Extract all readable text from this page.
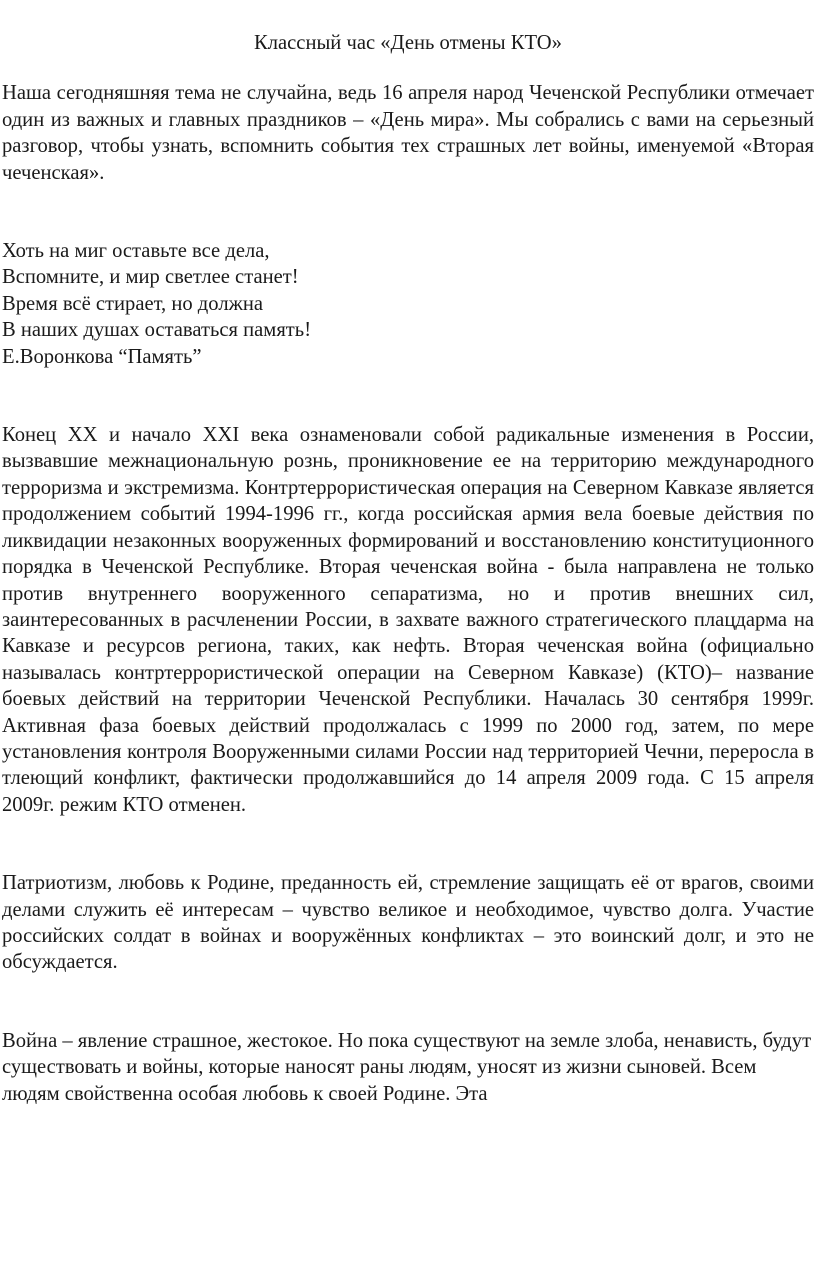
Классный час «День отмены КТО»

Наша сегодняшняя тема не случайна, ведь 16 апреля народ Чеченской Республики отмечает один из важных и главных праздников – «День мира». Мы собрались с вами на серьезный разговор, чтобы узнать, вспомнить события тех страшных лет войны, именуемой «Вторая чеченская».

Хоть на миг оставьте все дела,
Вспомните, и мир светлее станет!
Время всё стирает, но должна
В наших душах оставаться память!
Е.Воронкова “Память”

Конец XX и начало XXI века ознаменовали собой радикальные изменения в России, вызвавшие межнациональную рознь, проникновение ее на территорию международного терроризма и экстремизма. Контртеррористическая операция на Северном Кавказе является продолжением событий 1994-1996 гг., когда российская армия вела боевые действия по ликвидации незаконных вооруженных формирований и восстановлению конституционного порядка в Чеченской Республике. Вторая чеченская война - была направлена не только против внутреннего вооруженного сепаратизма, но и против внешних сил, заинтересованных в расчленении России, в захвате важного стратегического плацдарма на Кавказе и ресурсов региона, таких, как нефть. Вторая чеченская война (официально называлась контртеррористической операции на Северном Кавказе) (КТО)– название боевых действий на территории Чеченской Республики. Началась 30 сентября 1999г. Активная фаза боевых действий продолжалась с 1999 по 2000 год, затем, по мере установления контроля Вооруженными силами России над территорией Чечни, переросла в тлеющий конфликт, фактически продолжавшийся до 14 апреля 2009 года. С 15 апреля 2009г. режим КТО отменен.

Патриотизм, любовь к Родине, преданность ей, стремление защищать её от врагов, своими делами служить её интересам – чувство великое и необходимое, чувство долга. Участие российских солдат в войнах и вооружённых конфликтах – это воинский долг, и это не обсуждается.

Война – явление страшное, жестокое. Но пока существуют на земле злоба, ненависть, будут существовать и войны, которые наносят раны людям, уносят из жизни сыновей. Всем людям свойственна особая любовь к своей Родине. Эта
